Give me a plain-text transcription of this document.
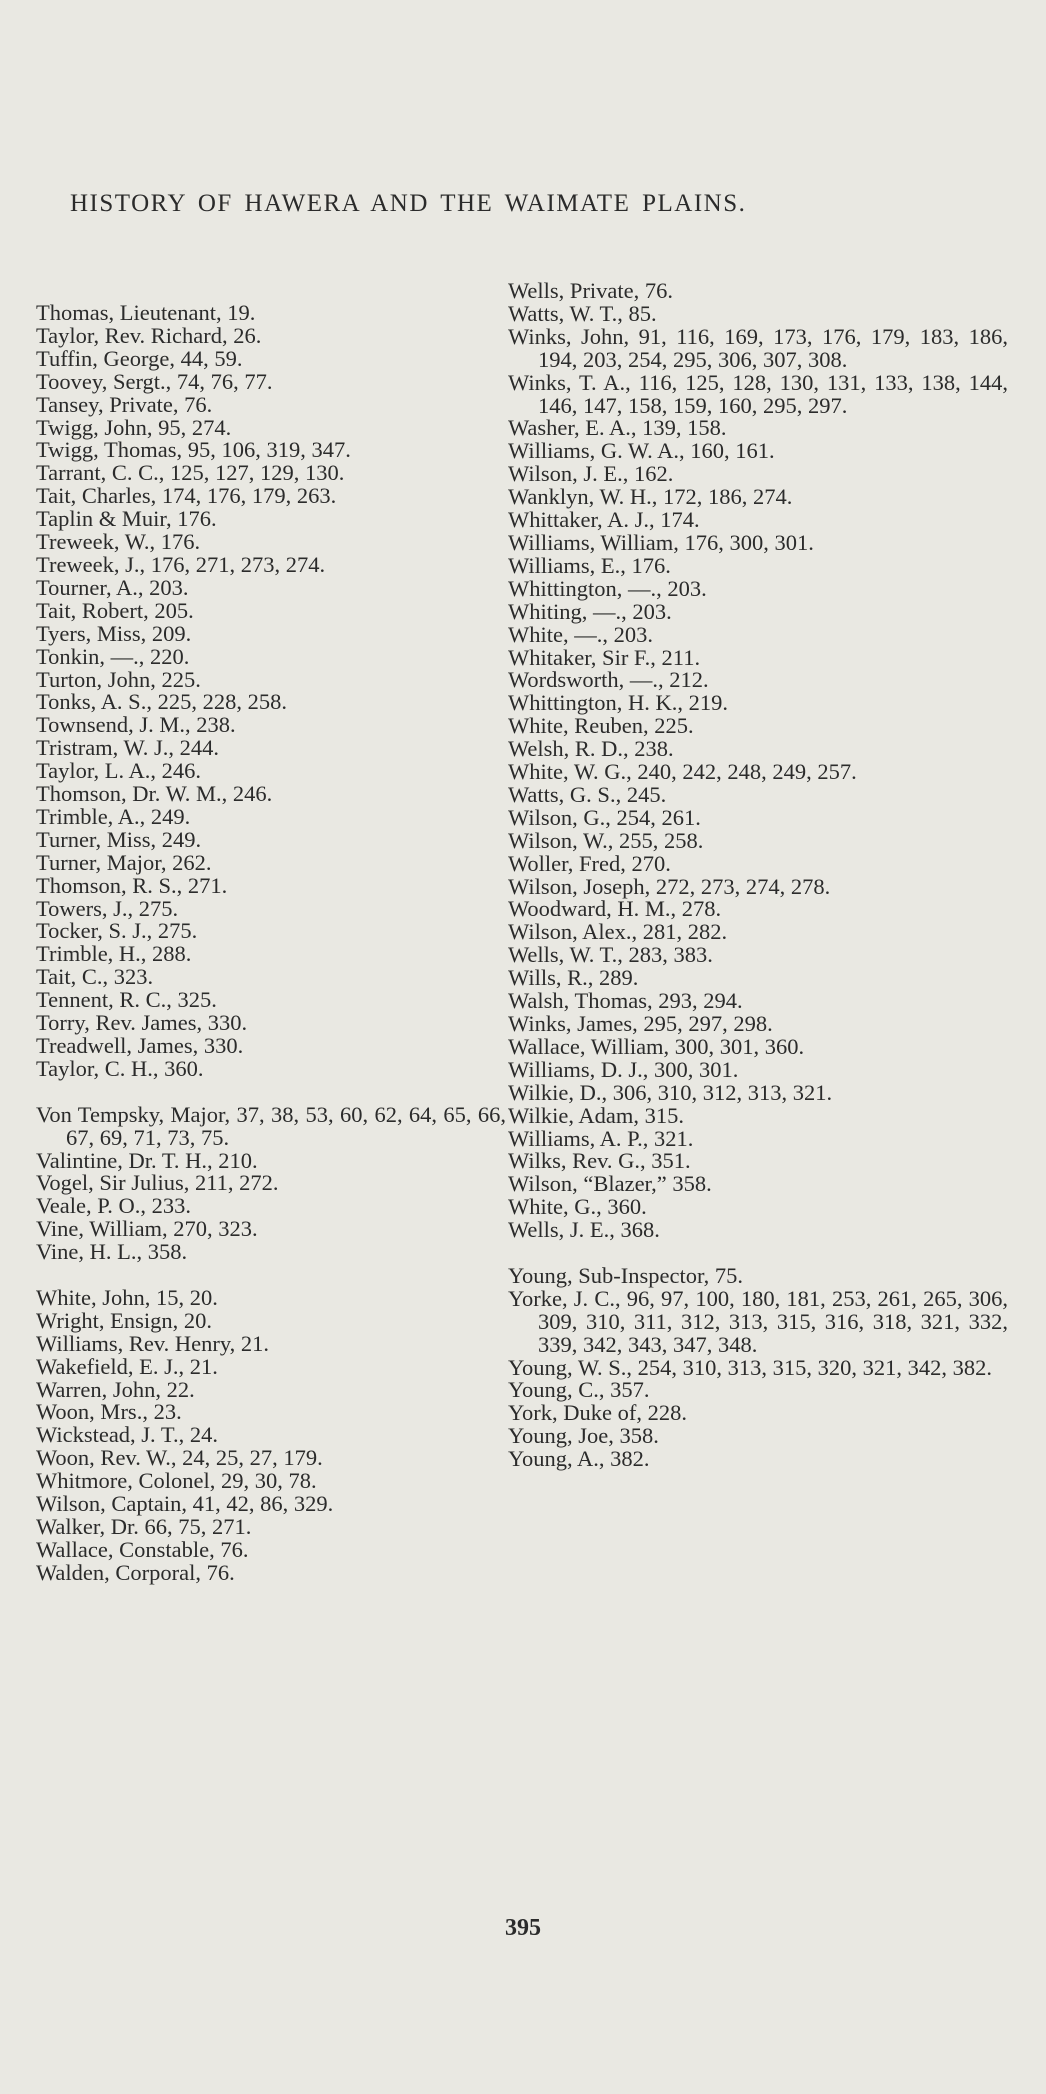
HISTORY OF HAWERA AND THE WAIMATE PLAINS.
Thomas, Lieutenant, 19.
Taylor, Rev. Richard, 26.
Tuffin, George, 44, 59.
Toovey, Sergt., 74, 76, 77.
Tansey, Private, 76.
Twigg, John, 95, 274.
Twigg, Thomas, 95, 106, 319, 347.
Tarrant, C. C., 125, 127, 129, 130.
Tait, Charles, 174, 176, 179, 263.
Taplin & Muir, 176.
Treweek, W., 176.
Treweek, J., 176, 271, 273, 274.
Tourner, A., 203.
Tait, Robert, 205.
Tyers, Miss, 209.
Tonkin, —., 220.
Turton, John, 225.
Tonks, A. S., 225, 228, 258.
Townsend, J. M., 238.
Tristram, W. J., 244.
Taylor, L. A., 246.
Thomson, Dr. W. M., 246.
Trimble, A., 249.
Turner, Miss, 249.
Turner, Major, 262.
Thomson, R. S., 271.
Towers, J., 275.
Tocker, S. J., 275.
Trimble, H., 288.
Tait, C., 323.
Tennent, R. C., 325.
Torry, Rev. James, 330.
Treadwell, James, 330.
Taylor, C. H., 360.
Von Tempsky, Major, 37, 38, 53, 60, 62, 64, 65, 66, 67, 69, 71, 73, 75.
Valintine, Dr. T. H., 210.
Vogel, Sir Julius, 211, 272.
Veale, P. O., 233.
Vine, William, 270, 323.
Vine, H. L., 358.
White, John, 15, 20.
Wright, Ensign, 20.
Williams, Rev. Henry, 21.
Wakefield, E. J., 21.
Warren, John, 22.
Woon, Mrs., 23.
Wickstead, J. T., 24.
Woon, Rev. W., 24, 25, 27, 179.
Whitmore, Colonel, 29, 30, 78.
Wilson, Captain, 41, 42, 86, 329.
Walker, Dr. 66, 75, 271.
Wallace, Constable, 76.
Walden, Corporal, 76.
Wells, Private, 76.
Watts, W. T., 85.
Winks, John, 91, 116, 169, 173, 176, 179, 183, 186, 194, 203, 254, 295, 306, 307, 308.
Winks, T. A., 116, 125, 128, 130, 131, 133, 138, 144, 146, 147, 158, 159, 160, 295, 297.
Washer, E. A., 139, 158.
Williams, G. W. A., 160, 161.
Wilson, J. E., 162.
Wanklyn, W. H., 172, 186, 274.
Whittaker, A. J., 174.
Williams, William, 176, 300, 301.
Williams, E., 176.
Whittington, —., 203.
Whiting, —., 203.
White, —., 203.
Whitaker, Sir F., 211.
Wordsworth, —., 212.
Whittington, H. K., 219.
White, Reuben, 225.
Welsh, R. D., 238.
White, W. G., 240, 242, 248, 249, 257.
Watts, G. S., 245.
Wilson, G., 254, 261.
Wilson, W., 255, 258.
Woller, Fred, 270.
Wilson, Joseph, 272, 273, 274, 278.
Woodward, H. M., 278.
Wilson, Alex., 281, 282.
Wells, W. T., 283, 383.
Wills, R., 289.
Walsh, Thomas, 293, 294.
Winks, James, 295, 297, 298.
Wallace, William, 300, 301, 360.
Williams, D. J., 300, 301.
Wilkie, D., 306, 310, 312, 313, 321.
Wilkie, Adam, 315.
Williams, A. P., 321.
Wilks, Rev. G., 351.
Wilson, “Blazer,” 358.
White, G., 360.
Wells, J. E., 368.
Young, Sub-Inspector, 75.
Yorke, J. C., 96, 97, 100, 180, 181, 253, 261, 265, 306, 309, 310, 311, 312, 313, 315, 316, 318, 321, 332, 339, 342, 343, 347, 348.
Young, W. S., 254, 310, 313, 315, 320, 321, 342, 382.
Young, C., 357.
York, Duke of, 228.
Young, Joe, 358.
Young, A., 382.
395
